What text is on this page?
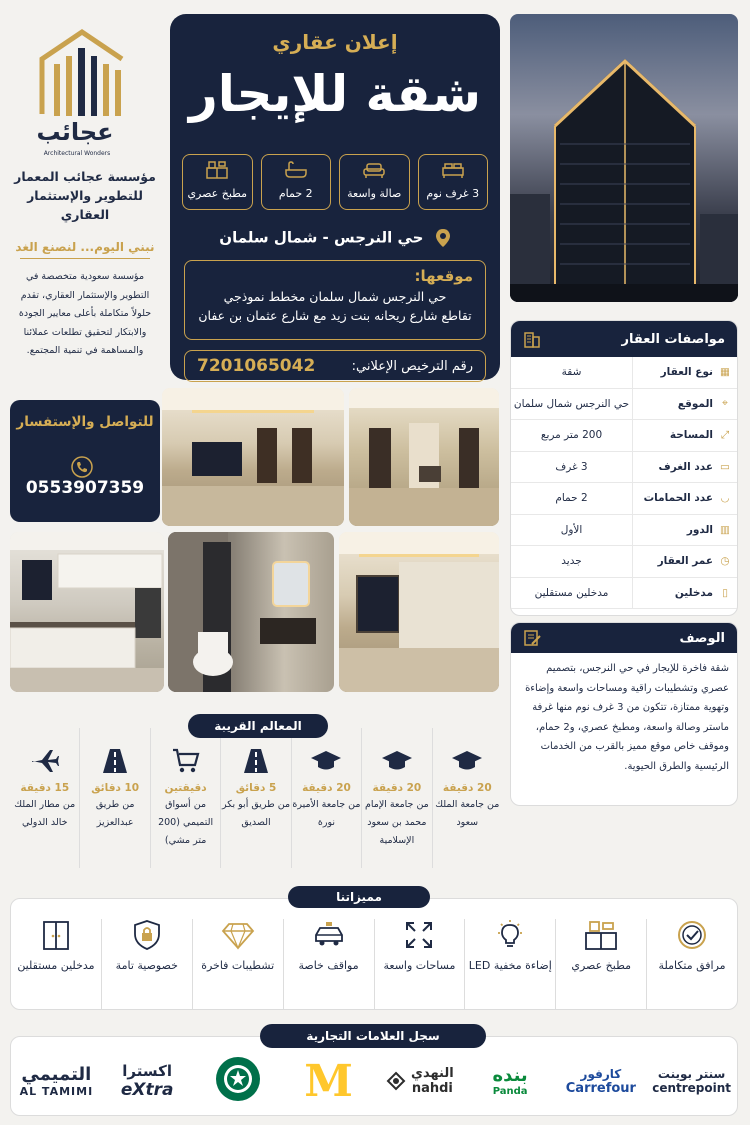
عجائب
Architectural Wonders
مؤسسة عجائب المعمار للتطوير والإستثمار العقاري
نبني اليوم... لنصنع الغد
مؤسسة سعودية متخصصة في التطوير والإستثمار العقاري، تقدم حلولاً متكاملة بأعلى معايير الجودة والابتكار لتحقيق تطلعات عملائنا والمساهمة في تنمية المجتمع.
إعلان عقاري
شقة للإيجار
3 غرف نوم
صالة واسعة
2 حمام
مطبخ عصري
حي النرجس - شمال سلمان
موقعها:

حي النرجس شمال سلمان مخطط نموذجي

تقاطع شارع ريحانه بنت زيد مع شارع عثمان بن عفان

رقم الترخيص الإعلاني:
7201065042
للتواصل والإستفسار
0553907359
مواصفات العقار
▦
نوع العقار
شقة
⌖
الموقع
حي النرجس شمال سلمان
⤢
المساحة
200 متر مربع
▭
عدد الغرف
3 غرف
◡
عدد الحمامات
2 حمام
▥
الدور
الأول
◷
عمر العقار
جديد
▯
مدخلين
مدخلين مستقلين
الوصف
شقة فاخرة للإيجار في حي النرجس، بتصميم عصري وتشطيبات راقية ومساحات واسعة وإضاءة وتهوية ممتازة، تتكون من 3 غرف نوم منها غرفة ماستر وصالة واسعة، ومطبخ عصري، و2 حمام، وموقف خاص موقع مميز بالقرب من الخدمات الرئيسية والطرق الحيوية.
20 دقيقة
من جامعة الملك سعود
20 دقيقة
من جامعة الإمام محمد بن سعود الإسلامية
20 دقيقة
من جامعة الأميرة نورة
5 دقائق
من طريق أبو بكر الصديق
دقيقتين
من أسواق التميمي (200 متر مشي)
10 دقائق
من طريق عبدالعزيز
15 دقيقة
من مطار الملك خالد الدولي
المعالم القريبة
مرافق متكاملة
مطبخ عصري
إضاءة مخفية LED
مساحات واسعة
مواقف خاصة
تشطيبات فاخرة
خصوصية تامة
مدخلين مستقلين
مميزاتنا
التميمي
AL TAMIMI
اكسترا
eXtra	M	النهدي
nahdi
بنده
Panda
كارفور
Carrefour
سنتر بوينت
centrepoint
سجل العلامات التجارية
